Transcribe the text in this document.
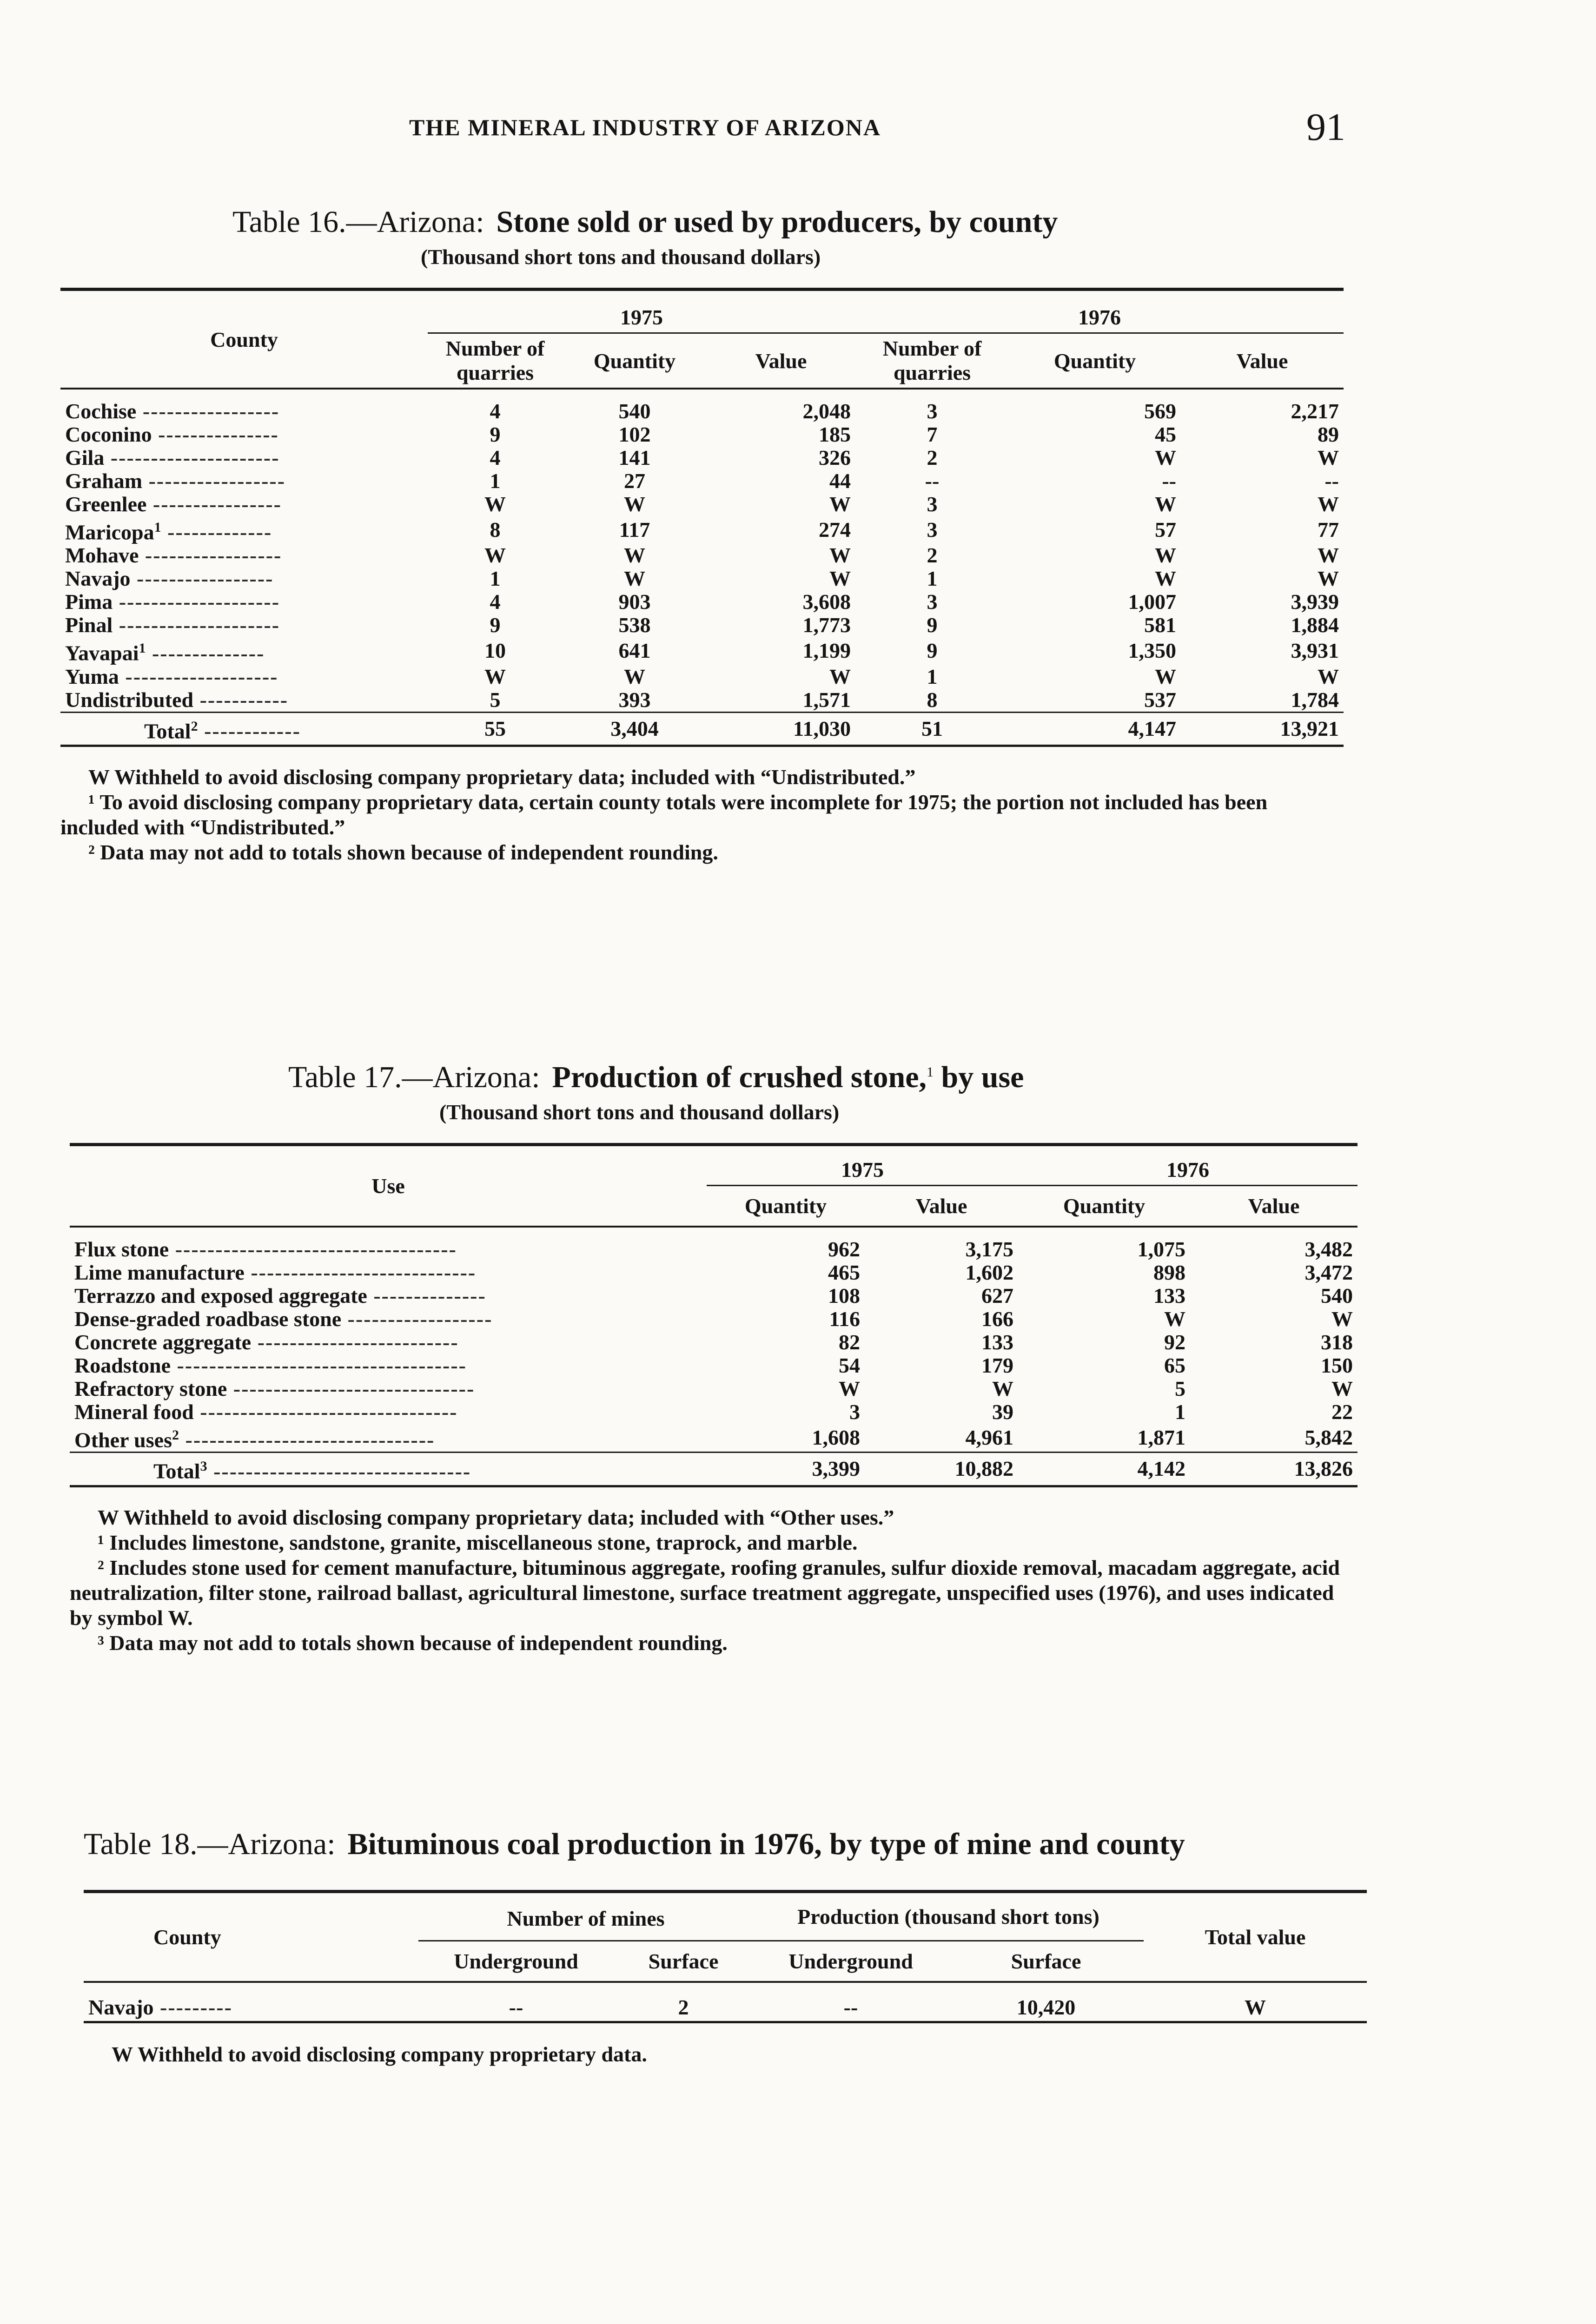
THE MINERAL INDUSTRY OF ARIZONA	91
Table 16.—Arizona: Stone sold or used by producers, by county
(Thousand short tons and thousand dollars)
County	1975			1976		
	Number of quarries	Quantity	Value	Number of quarries	Quantity	Value
Cochise -----------------	4	540	2,048	3	569	2,217
Coconino ---------------	9	102	185	7	45	89
Gila ---------------------	4	141	326	2	W	W
Graham -----------------	1	27	44	--	--	--
Greenlee ----------------	W	W	W	3	W	W
Maricopa$^1$ -------------	8	117	274	3	57	77
Mohave -----------------	W	W	W	2	W	W
Navajo -----------------	1	W	W	1	W	W
Pima --------------------	4	903	3,608	3	1,007	3,939
Pinal --------------------	9	538	1,773	9	581	1,884
Yavapai$^1$ --------------	10	641	1,199	9	1,350	3,931
Yuma -------------------	W	W	W	1	W	W
Undistributed -----------	5	393	1,571	8	537	1,784
Total$^2$ ------------	55	3,404	11,030	51	4,147	13,921

W Withheld to avoid disclosing company proprietary data; included with “Undistributed.”

¹ To avoid disclosing company proprietary data, certain county totals were incomplete for 1975; the portion not included has been included with “Undistributed.”

² Data may not add to totals shown because of independent rounding.

Table 17.—Arizona: Production of crushed stone,$^1$ by use
(Thousand short tons and thousand dollars)
Use	1975		1976	
	Quantity	Value	Quantity	Value
Flux stone -----------------------------------	962	3,175	1,075	3,482
Lime manufacture ----------------------------	465	1,602	898	3,472
Terrazzo and exposed aggregate --------------	108	627	133	540
Dense-graded roadbase stone ------------------	116	166	W	W
Concrete aggregate -------------------------	82	133	92	318
Roadstone ------------------------------------	54	179	65	150
Refractory stone ------------------------------	W	W	5	W
Mineral food --------------------------------	3	39	1	22
Other uses$^2$ -------------------------------	1,608	4,961	1,871	5,842
Total$^3$ --------------------------------	3,399	10,882	4,142	13,826

W Withheld to avoid disclosing company proprietary data; included with “Other uses.”

¹ Includes limestone, sandstone, granite, miscellaneous stone, traprock, and marble.

² Includes stone used for cement manufacture, bituminous aggregate, roofing granules, sulfur dioxide removal, macadam aggregate, acid neutralization, filter stone, railroad ballast, agricultural limestone, surface treatment aggregate, unspecified uses (1976), and uses indicated by symbol W.

³ Data may not add to totals shown because of independent rounding.

Table 18.—Arizona: Bituminous coal production in 1976, by type of mine and county
County	Number of mines		Production (thousand short tons)		Total value
	Underground	Surface	Underground	Surface	
Navajo ---------	--	2	--	10,420	W

W Withheld to avoid disclosing company proprietary data.
